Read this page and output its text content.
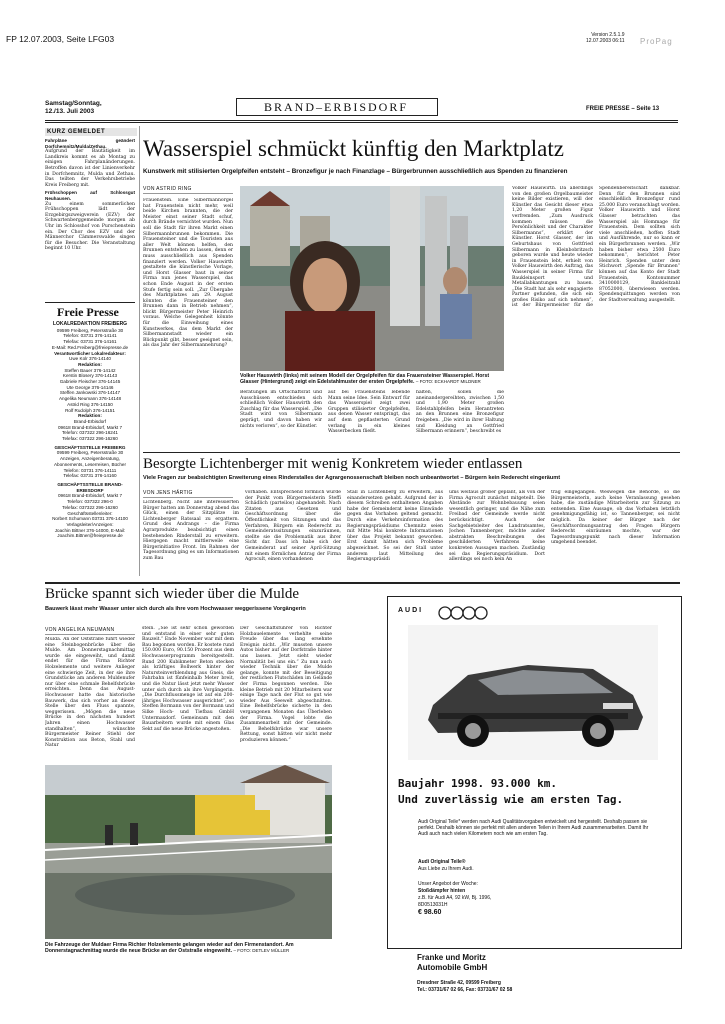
FP 12.07.2003, Seite LFG03	Version 2.5.1.9
12.07.2003 06:11 ProPag
Samstag/Sonntag,
12./13. Juli 2003	BRAND–ERBISDORF	FREIE PRESSE – Seite 13
KURZ GEMELDET
Fahrpläne geändert Dorfchemnitz/Mulda/Zethau.
Aufgrund der Bautätigkeit im Landkreis kommt es ab Montag zu einigen Fahrplanänderungen. Betroffen davon ist der Linienverkehr in Dorfchemnitz, Mulda und Zethau. Das teilten der Verkehrsbetriebe Kreis Freiberg mit.
Frühschoppen auf Schlossgut Neuhausen.
Zu einem sommerlichen Frühschoppen lädt der Erzgebirgszweigverein (EZV) der Schwartenberggemeinde morgen ab Uhr im Schlosshof von Purschenstein ein. Der Chor des EZV und der Männerchor Cämmerswalde singen für die Besucher. Die Veranstaltung beginnt 10 Uhr.
Freie Presse
LOKALREDAKTION FREIBERG
09599 Freiberg, Petersstraße 30
Telefon: 03731 376-14141
Telefax: 03731 376-14161
E-Mail: Red.Freiberg@freiepresse.de
Verantwortlicher Lokalredakteur:
Uwe Kolr 376-14140
Redaktion:
Steffen Bauer 376-14142
Kerstin Blosery 376-14143
Gabriele Fleischer 376-14145
Ute George 376-14146
Steffen Jankowski 376-14147
Angelika Neumann 376-14148
Astrid Ring 376-14150
Rolf Rudolph 376-14151
Redaktion:
Brand-Erbisdorf
09618 Brand-Erbisdorf, Markt 7
Telefon: 037322 296-16241
Telefax: 037322 296-16260
GESCHÄFTSSTELLE FREIBERG
09599 Freiberg, Petersstraße 30
Anzeigen, Anzeigenberatung,
Abonnements, Leserreisen, Bücher
Telefon: 03731 376-14111
Telefax: 03731 376-14160
GESCHÄFTSSTELLE BRAND-ERBISDORF
09618 Brand-Erbisdorf, Markt 7
Telefon: 037322 296-0
Telefax: 037322 296-16260
Geschäftsstellenleiter:
Norbert Schumann 03731 376-14100
Verlagsleiter/Anzeigen:
Joachin Bittner 376-14000, E-Mail:
Joachim.Bittner@freiepresse.de
Wasserspiel schmückt künftig den Marktplatz
Kunstwerk mit stilisierten Orgelpfeifen entsteht – Bronzefigur je nach Finanzlage – Bürgerbrunnen ausschließlich aus Spenden zu finanzieren
VON ASTRID RING
Frauenstein. Eine Silbermannorgel hat Frauenstein nicht mehr, weil beide Kirchen brannten, die der Meister einst seiner Stadt schuf, durch Brände vernichtet wurden. Nun soll die Stadt für ihren Markt einen Silbermannbrunnen bekommen. Die Frauensteiner und die Touristen aus aller Welt können helfen, den Brunnen entstehen zu lassen, denn er muss ausschließlich aus Spenden finanziert werden. Volker Hauswirth gestaltete die künstlerische Vorlage, und Horst Glasser baut in seiner Firma nun jenes Wasserspiel, das schon Ende August in der ersten Stufe fertig sein soll. „Zur Übergabe des Marktplatzes am 29. August könnten die Frauensteiner den Brunnen dann in Betrieb nehmen“, blickt Bürgermeister Peter Heinrich voraus. Welche Gelegenheit könnte für die Einweihung eines Kunstwerkes, das dem Markt der Silbermannstadt wieder ein Blickpunkt gibt, besser geeignet sein, als das Jahr der Silbermannehrung?
Volker Hauswirth (links) mit seinem Modell der Orgelpfeifen für das Frauensteiner Wasserspiel. Horst Glasser (Hintergrund) zeigt ein Edelstahlmuster der ersten Orgelpfeife. – FOTO: ECKHARDT MILDNER
Beratungen im Ortschaftsrat und Ausschüssen entschieden sich schließlich Volker Hauswirth den Zuschlag für das Wasserspiel. „Die Stadt wird von Silbermann geprägt, und davon haben wir nichts verloren“, so der Künstler.
auf bei Frauensteins lebende Mann seine Idee. Sein Entwurf für das Wasserspiel zeigt zwei Gruppen stilisierter Orgelpfeifen, aus denen Wasser entspringt, das auf dem gepflasterten Grund verlang in ein kleines Wasserbecken fließt.
halten, sollen die aneinandergereihten, zwischen 1,50 und 1,90 Meter großen Edelstahlpfeifen beim Herantreten an den Brunnen eine Bronzefigur freigeben. „Die wird in ihrer Haltung und Kleidung an Gottfried Silbermann erinnern“, beschreibt es
Volker Hauswirth. Da allerdings von den großen Orgelbaumeister keine Bilder existieren, will der Künstler das Gesicht dieser etwa 1,20 Meter großen Figur verfremden. „Zum Ausdruck kommen müssen die Persönlichkeit und der Charakter Silbermanns“, erklärt der Künstler. Horst Glasser, der im Geburtshaus von Gottfried Silbermann in Kleinbobritzsch geboren wurde und heute wieder in Frauenstein lebt, erhielt von Volker Hauswirth den Auftrag, das Wasserspiel in seiner Firma für Baukleinsport und Metallabkantungen zu bauen. „Die Stadt hat als sehr engagierte Partner gefunden, die sich ein großes Risiko auf sich nehmen“, ist der Bürgermeister für die Spendenbereitschaft dankbar. Denn für den Brunnen sind einschließlich Bronzefigur rund 25.000 Euro veranschlagt worden. Volker Hauswirth und Horst Glasser betrachten das Wasserspiel als Hommage für Frauenstein. Dem sollten sich viele anschließen, hoffen Stadt und Ausführende, nur so kann er ein Bürgerbrunnen werden. „Wir haben bisher etwa 2500 Euro bekommen“, berichtet Peter Heinrich. Spenden unter dem Stichwort „Spende für Brunnen“ können auf das Konto der Stadt Frauenstein, Kontonummer 3410000129, Bankleitzahl 87052000, überwiesen werden. Spendenquittungen werden von der Stadtverwaltung ausgestellt.
Besorgte Lichtenberger mit wenig Konkretem wieder entlassen
Viele Fragen zur beabsichtigten Erweiterung eines Rinderstalles der Agrargenossenschaft bleiben noch unbeantwortet – Bürgern kein Rederecht eingeräumt
VON JENS HÄRTIG
Lichtenberg. Nicht alle interessierten Bürger hatten am Donnerstag abend das Glück, einen der Sitzplätze im Lichtenberger Ratssaal zu ergattern. Grund des Andrangs – die Firma Agrarprodukte beabsichtigt einen bestehenden Rinderstall zu erweitern. Hiergegen macht mittlerweile eine Bürgerinitiative Front. Im Rahmen der Tagesordnung ging es um Informationen zum Bau
vorhaben. Entsprechend förmlich wurde der Punkt vom Bürgermeisterin Steffi Schädlich (parteilos) abgehandelt. Nach Zitaten aus Gesetzen und Geschäftsordnung über die Öffentlichkeit von Sitzungen und das Verfahren, Bürgern ein Rederecht zu Gemeinderatssitzungen einzuräumen, stellte sie die Problematik aus ihrer Sicht dar. Dass ich habe sich der Gemeinderat auf seiner April-Sitzung mit einem förmlichen Antrag der Firma Agrocult, einen vorhandenen
Stall in Lichtenberg zu erweitern, aus einandersetzen gehabt. Aufgrund der in diesem Schreiben enthaltenen Angaben habe der Gemeinderat keine Einwände gegen das Vorhaben geltend gemacht. Durch eine Verkehrsinformation des Regierungspräsidiums Chemnitz seien mit Mitte Mai konkrete Informationen über das Projekt bekannt geworden. Erst damit hätten sich Probleme abgezeichnet. So sei der Stall unter anderem laut Mitteilung des Regierungspräsidi
ums weitaus größer geplant, als von der Firma Agrocult zunächst mitgeteilt. Die Abstände zur Wohnbebauung seien wesentlich geringer, und die Nähe zum Freibad der Gemeinde werde nicht berücksichtigt. Auch der Sachgebietsleiter des Landratsamtes, Jochen Tannenberger, möchte außer abstrakten Beschreibungen des geschilderten Verfahrens keine konkreten Aussagen machen. Zuständig sei das Regierungspräsidium. Dort allerdings sei noch kein An
trag eingegangen. Weswegen die Behörde, so die Bürgermeisterin, auch keine Veranlassung gesehen habe, die zuständige Mitarbeiterin zur Sitzung zu entsenden. Eine Aussage, ob das Vorhaben letztlich genehmigungsfähig ist, so Tannenberger, sei nicht möglich. Da keiner der Bürger nach der Geschäftsordnungsantrag den Fragen Bürgern Rederecht einräumen mochte, war der Tagesordnungspunkt nach dieser Information umgehend beendet.
Brücke spannt sich wieder über die Mulde
Bauwerk lässt mehr Wasser unter sich durch als ihre vom Hochwasser weggerissene Vorgängerin
VON ANGELIKA NEUMANN
Mulda. An der Oststraße führt wieder eine Steinbogenbrücke über die Mulde. Am Donnerstagnachmittag wurde sie eingeweiht, und damit endet für die Firma Richter Holzelemente und weitere Anlieger eine schwierige Zeit, in der sie ihre Grundstücke am anderen Muldenufer nur über eine schmale Behelfsbrücke erreichten. Denn das August-Hochwasser hatte das historische Bauwerk, das sich vorher an dieser Stelle über den Fluss spannte, weggerissen. „Mögen die neue Brücke in den nächsten hundert Jahren einen Hochwasser standhalten“, wünschte Bürgermeister Reiner Stiehl der Konstruktion aus Beton, Stahl und Natur
stein. „Sie ist sehr schön geworden und entstand in einer sehr guten Bauzeit.“ Ende November war mit dem Bau begonnen worden. Er kostete rund 150.000 Euro, 90.150 Prozent aus dem Hochwasserprogramm bereitgestellt. Rund 200 Kubikmeter Beton stecken als kräftiges Bollwerk hinter der Natursteinverblendung aus Gneis, die Fahrbahn ist fünfeinhalb Meter breit, und die Natur lässt jetzt mehr Wasser unter sich durch als ihre Vorgängerin. „Die Durchflussmenge ist auf ein 200-jähriges Hochwasser ausgerichtet“, so Steffen Bormann von der Bormann und Silke Hoch- und Tiefbau GmbH Untermaxdorf. Gemeinsam mit den Bauarbeitern wurde mit einem Glas Sekt auf die neue Brücke angestoßen.
Der Geschäftsführer von Richter Holzbauelemente verhehlte seine Freude über das lang ersehnte Ereignis nicht. „Wir mussten unsere Autos bisher auf der Dorfstraße hinter uns lassen. Jetzt sieht wieder Normalität bei uns ein.“ Zu nun auch wieder Technik über die Mulde gelange, konnte mit der Beseitigung der restlichen Flutschäden im Gelände der Firma begonnen werden. Die kleine Betrieb mit 20 Mitarbeitern war einige Tage nach der Flut so gut wie wieder Aus Seewelt abgeschnitten. Eine Behelfsbrücke sicherte in den vergangenen Monaten das Überleben der Firma. Vogel lobte die Zusammenarbeit mit der Gemeinde. „Die Behelfsbrücke war unsere Rettung, sonst hätten wir nicht mehr produzieren können.“
Die Fahrzeuge der Muldaer Firma Richter Holzelemente gelangen wieder auf den Firmenstandort. Am Donnerstagnachmittag wurde die neue Brücke an der Oststraße eingeweiht. – FOTO: DETLEV MÜLLER
AUDI
Baujahr 1998. 93.000 km.
Und zuverlässig wie am ersten Tag.
Audi Original Teile* werden nach Audi Qualitätsvorgaben entwickelt und hergestellt. Deshalb passen sie perfekt. Deshalb können sie perfekt mit allen anderen Teilen in Ihrem Audi zusammenarbeiten. Damit Ihr Audi auch nach vielen Kilometern noch wie am ersten Tag.
Audi Original Teile®
Aus Liebe zu Ihrem Audi.
Unser Angebot der Woche:
Stoßdämpfer hinten
z.B. für Audi A4, 92 kW, Bj. 1996,
8D0513031H
€ 98.60
Franke und Moritz
Automobile GmbH
Dresdner Straße 42, 09599 Freiberg
Tel.: 03731/67 02 66, Fax: 03731/67 02 58
